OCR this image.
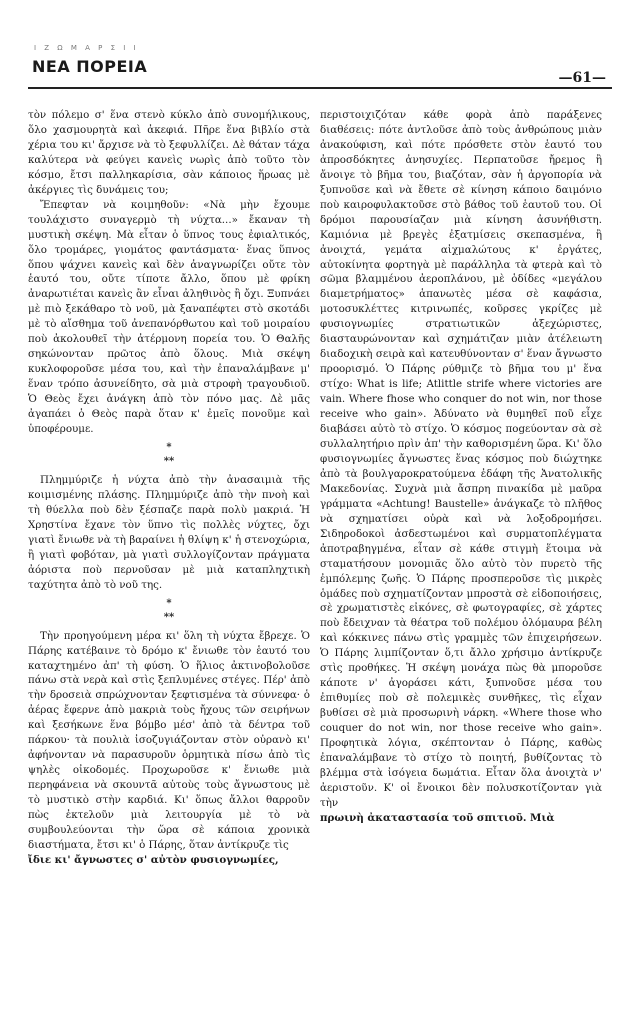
Ι Ζ Ω Μ Α Ρ Σ Ι Ι
ΝΕΑ ΠΟΡΕΙΑ
—61—

τὸν πόλεμο σ' ἕνα στενὸ κύκλο ἀπὸ συνομήλικους, ὅλο χασμουρητὰ καὶ ἀκεφιά. Πῆρε ἕνα βιβλίο στὰ χέρια του κι' ἄρχισε νὰ τὸ ξεφυλλίζει. Δὲ θάταν τάχα καλύτερα νὰ φεύγει κανεὶς νωρὶς ἀπὸ τοῦτο τὸν κόσμο, ἔτσι παλληκαρίσια, σὰν κάποιος ἥρωας μὲ ἀκέργιες τὶς δυνάμεις του;

Ἔπεφταν νὰ κοιμηθοῦν: «Νὰ μὴν ἔχουμε τουλάχιστο συναγερμὸ τὴ νύχτα...» ἔκαναν τὴ μυστικὴ σκέψη. Μὰ εἶταν ὁ ὕπνος τους ἐφιαλτικός, ὅλο τρομάρες, γιομάτος φαντάσματα· ἕνας ὕπνος ὅπου ψάχνει κανεὶς καὶ δὲν ἀναγνωρίζει οὔτε τὸν ἑαυτό του, οὔτε τίποτε ἄλλο, ὅπου μὲ φρίκη ἀναρωτιέται κανεὶς ἂν εἶναι ἀληθινὸς ἢ ὄχι. Ξυπνάει μὲ πιὸ ξεκάθαρο τὸ νοῦ, μὰ ξαναπέφτει στὸ σκοτάδι μὲ τὸ αἴσθημα τοῦ ἀνεπανόρθωτου καὶ τοῦ μοιραίου ποὺ ἀκολουθεῖ τὴν ἀτέρμονη πορεία του. Ὁ Θαλῆς σηκώνονταν πρῶτος ἀπὸ ὅλους. Μιὰ σκέψη κυκλοφοροῦσε μέσα του, καὶ τὴν ἐπαναλάμβανε μ' ἕναν τρόπο ἀσυνείδητο, σὰ μιὰ στροφὴ τραγουδιοῦ. Ὁ Θεὸς ἔχει ἀνάγκη ἀπὸ τὸν πόνο μας. Δὲ μᾶς ἀγαπάει ὁ Θεὸς παρὰ ὅταν κ' ἐμεῖς πονοῦμε καὶ ὑποφέρουμε.

*
**

Πλημμύριζε ἡ νύχτα ἀπὸ τὴν ἀνασαιμιὰ τῆς κοιμισμένης πλάσης. Πλημμύριζε ἀπὸ τὴν πνοὴ καὶ τὴ θύελλα ποὺ δὲν ξέσπαζε παρὰ πολὺ μακριά. Ἡ Χρηστίνα ἔχανε τὸν ὕπνο τὶς πολλὲς νύχτες, ὄχι γιατὶ ἔνιωθε νὰ τὴ βαραίνει ἡ θλίψη κ' ἡ στενοχώρια, ἢ γιατὶ φοβόταν, μὰ γιατὶ συλλογίζονταν πράγματα ἀόριστα ποὺ περνοῦσαν μὲ μιὰ καταπληχτικὴ ταχύτητα ἀπὸ τὸ νοῦ της.

*
**

Τὴν προηγούμενη μέρα κι' ὅλη τὴ νύχτα ἔβρεχε. Ὁ Πάρης κατέβαινε τὸ δρόμο κ' ἔνιωθε τὸν ἑαυτό του καταχτημένο ἀπ' τὴ φύση. Ὁ ἥλιος ἀκτινοβολοῦσε πάνω στὰ νερὰ καὶ στὶς ξεπλυμένες στέγες. Πέρ' ἀπὸ τὴν δροσειὰ σπρώχνονταν ξεφτισμένα τὰ σύννεφα· ὁ ἀέρας ἔφερνε ἀπὸ μακριὰ τοὺς ἤχους τῶν σειρήνων καὶ ξεσήκωνε ἕνα βόμβο μέσ' ἀπὸ τὰ δέντρα τοῦ πάρκου· τὰ πουλιὰ ἰσοζυγιάζονταν στὸν οὐρανὸ κι' ἀφήνονταν νὰ παρασυροῦν ὁρμητικὰ πίσω ἀπὸ τὶς ψηλὲς οἰκοδομές. Προχωροῦσε κ' ἔνιωθε μιὰ περηφάνεια νὰ σκουντᾶ αὐτοὺς τοὺς ἄγνωστους μὲ τὸ μυστικὸ στὴν καρδιά. Κι' ὅπως ἄλλοι θαρροῦν πὼς ἐκτελοῦν μιὰ λειτουργία μὲ τὸ νὰ συμβουλεύονται τὴν ὥρα σὲ κάποια χρονικὰ διαστήματα, ἔτσι κι' ὁ Πάρης, ὅταν ἀντίκρυζε τὶς

ἴδιε κι' ἄγνωστες σ' αὐτὸν φυσιογνωμίες,

περιστοιχιζόταν κάθε φορὰ ἀπὸ παράξενες διαθέσεις: πότε ἀντλοῦσε ἀπὸ τοὺς ἀνθρώπους μιὰν ἀνακούφιση, καὶ πότε πρόσθετε στὸν ἑαυτό του ἀπροσδόκητες ἀνησυχίες. Περπατοῦσε ἤρεμος ἢ ἄνοιγε τὸ βῆμα του, βιαζόταν, σὰν ἡ ἀργοπορία νὰ ξυπνοῦσε καὶ νὰ ἔθετε σὲ κίνηση κάποιο δαιμόνιο ποὺ καιροφυλακτοῦσε στὸ βάθος τοῦ ἑαυτοῦ του. Οἱ δρόμοι παρουσίαζαν μιὰ κίνηση ἀσυνήθιστη. Καμιόνια μὲ βρεγὲς ἐξατμίσεις σκεπασμένα, ἢ ἀνοιχτά, γεμάτα αἰχμαλώτους κ' ἐργάτες, αὐτοκίνητα φορτηγὰ μὲ παράλληλα τὰ φτερὰ καὶ τὸ σῶμα βλαμμένου ἀεροπλάνου, μὲ ὁδίδες «μεγάλου διαμετρήματος» ἁπανωτὲς μέσα σὲ καφάσια, μοτοσυκλέττες κιτρινωπές, κοῦρσες γκρίζες μὲ φυσιογνωμίες στρατιωτικῶν ἀξεχώριστες, διασταυρώνονταν καὶ σχημάτιζαν μιὰν ἀτέλειωτη διαδοχικὴ σειρὰ καὶ κατευθύνονταν σ' ἕναν ἄγνωστο προορισμό. Ὁ Πάρης ρύθμιζε τὸ βῆμα του μ' ἕνα στίχο: What is life; Atlittle strife where victories are vain. Where fhose who conquer do not win, nor those receive who gain». Ἀδύνατο νὰ θυμηθεῖ ποῦ εἶχε διαβάσει αὐτὸ τὸ στίχο. Ὁ κόσμος ποgεύονταν σὰ σὲ συλλαλητήριο πρὶν ἀπ' τὴν καθορισμένη ὥρα. Κι' ὅλο φυσιογνωμίες ἄγνωστες ἕνας κόσμος ποὺ διώχτηκε ἀπὸ τὰ βουλγαροκρατούμενα ἐδάφη τῆς Ἀνατολικῆς Μακεδονίας. Συχνὰ μιὰ ἄσπρη πινακίδα μὲ μαῦρα γράμματα «Achtung! Baustelle» ἀνάγκαζε τὸ πλῆθος νὰ σχηματίσει οὐρὰ καὶ νὰ λοξοδρομήσει. Σιδηροδοκοὶ ἀσδεστωμένοι καὶ συρματοπλέγματα ἀποτραβηγμένα, εἶταν σὲ κάθε στιγμὴ ἕτοιμα νὰ σταματήσουν μονομιᾶς ὅλο αὐτὸ τὸν πυρετὸ τῆς ἐμπόλεμης ζωῆς. Ὁ Πάρης προσπεροῦσε τὶς μικρὲς ὁμάδες ποὺ σχηματίζονταν μπροστὰ σὲ εἰδοποιήσεις, σὲ χρωματιστὲς εἰκόνες, σὲ φωτογραφίες, σὲ χάρτες ποὺ ἔδειχναν τὰ θέατρα τοῦ πολέμου ὁλόμαυρα βέλη καὶ κόκκινες πάνω στὶς γραμμὲς τῶν ἐπιχειρήσεων. Ὁ Πάρης λιμπίζονταν ὅ,τι ἄλλο χρήσιμο ἀντίκρυζε στὶς προθήκες. Ἡ σκέψη μονάχα πὼς θὰ μποροῦσε κάποτε ν' ἀγοράσει κάτι, ξυπνοῦσε μέσα του ἐπιθυμίες ποὺ σὲ πολεμικὲς συνθῆκες, τὶς εἶχαν βυθίσει σὲ μιὰ προσωρινὴ νάρκη. «Where those who couquer do not win, nor those receive who gain». Προφητικὰ λόγια, σκέπτονταν ὁ Πάρης, καθὼς ἐπαναλάμβανε τὸ στίχο τὸ ποιητή, βυθίζοντας τὸ βλέμμα στὰ ἰσόγεια δωμάτια. Εἶταν ὅλα ἀνοιχτὰ ν' ἀεριστοῦν. Κ' οἱ ἔνοικοι δὲν πολυσκοτίζονταν γιὰ τὴν

πρωινὴ ἀκαταστασία τοῦ σπιτιοῦ. Μιὰ
